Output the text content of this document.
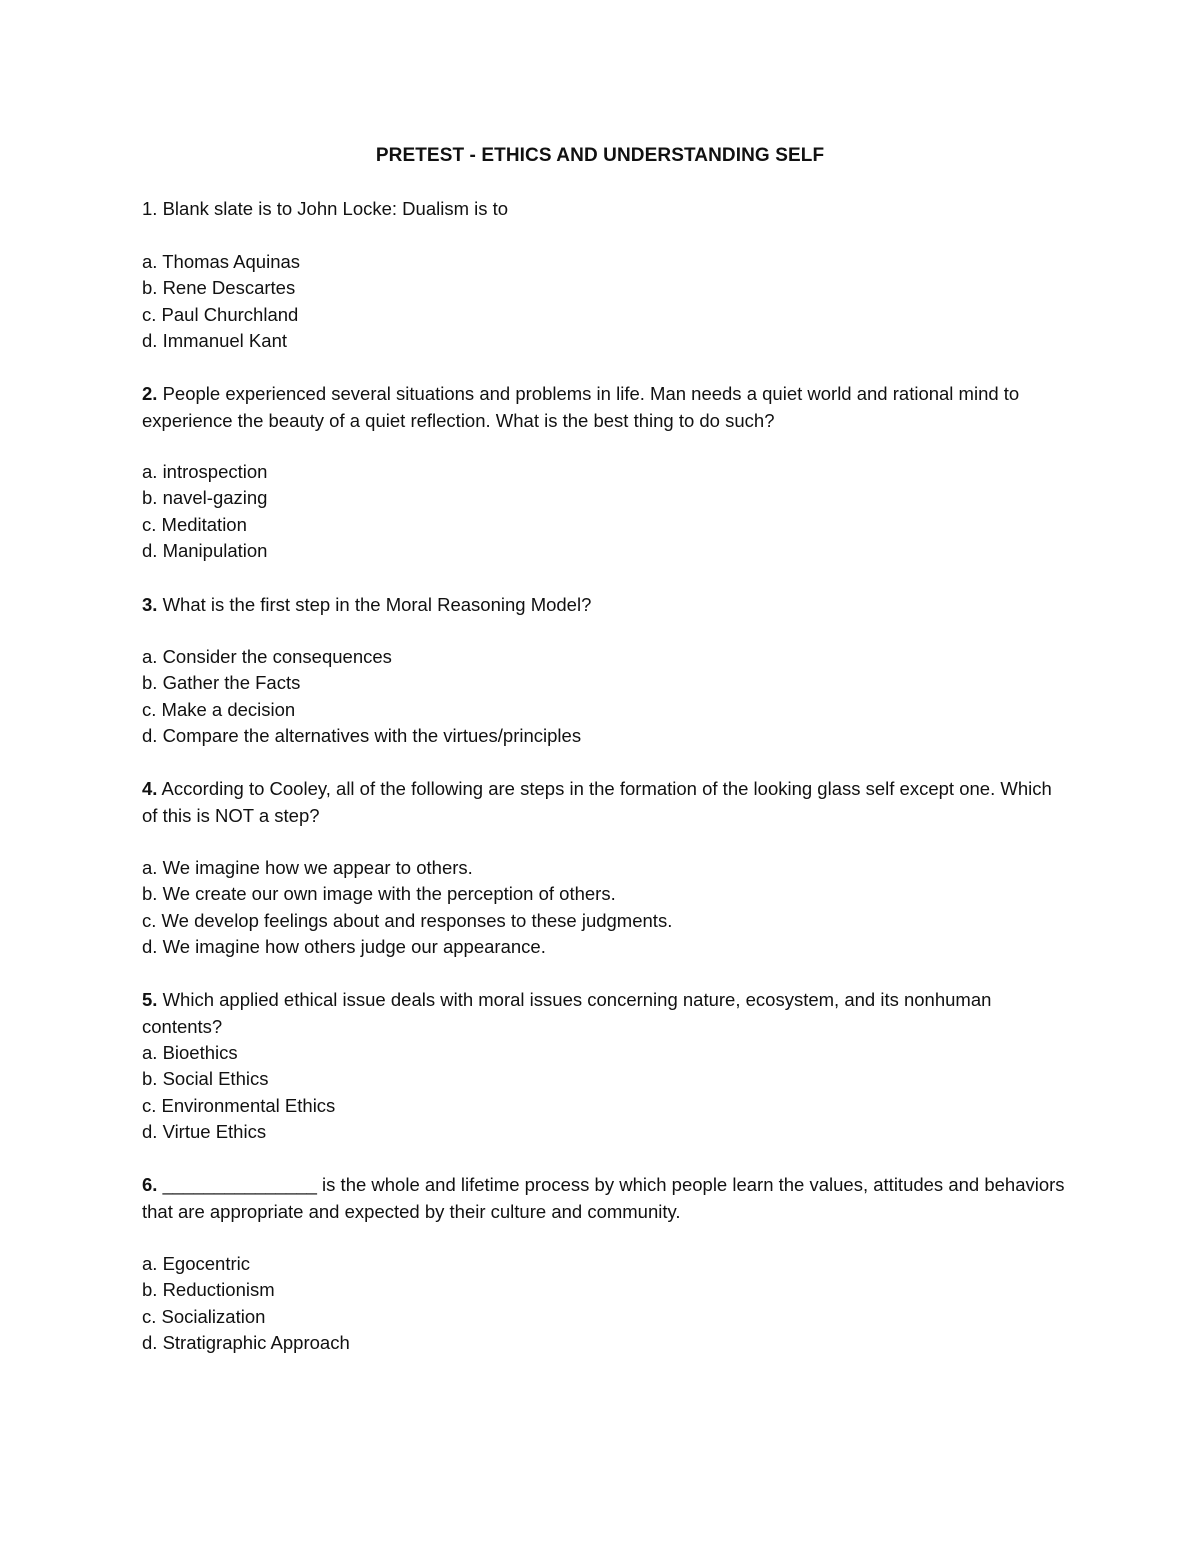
PRETEST - ETHICS AND UNDERSTANDING SELF
1. Blank slate is to John Locke: Dualism is to
a. Thomas Aquinas
b. Rene Descartes
c. Paul Churchland
d. Immanuel Kant
2. People experienced several situations and problems in life. Man needs a quiet world and rational mind to experience the beauty of a quiet reflection. What is the best thing to do such?
a. introspection
b. navel-gazing
c. Meditation
d. Manipulation
3. What is the first step in the Moral Reasoning Model?
a. Consider the consequences
b. Gather the Facts
c. Make a decision
d. Compare the alternatives with the virtues/principles
4. According to Cooley, all of the following are steps in the formation of the looking glass self except one. Which of this is NOT a step?
a. We imagine how we appear to others.
b. We create our own image with the perception of others.
c. We develop feelings about and responses to these judgments.
d. We imagine how others judge our appearance.
5. Which applied ethical issue deals with moral issues concerning nature, ecosystem, and its nonhuman contents?
a. Bioethics
b. Social Ethics
c. Environmental Ethics
d. Virtue Ethics
6. _______________ is the whole and lifetime process by which people learn the values, attitudes and behaviors that are appropriate and expected by their culture and community.
a. Egocentric
b. Reductionism
c. Socialization
d. Stratigraphic Approach
